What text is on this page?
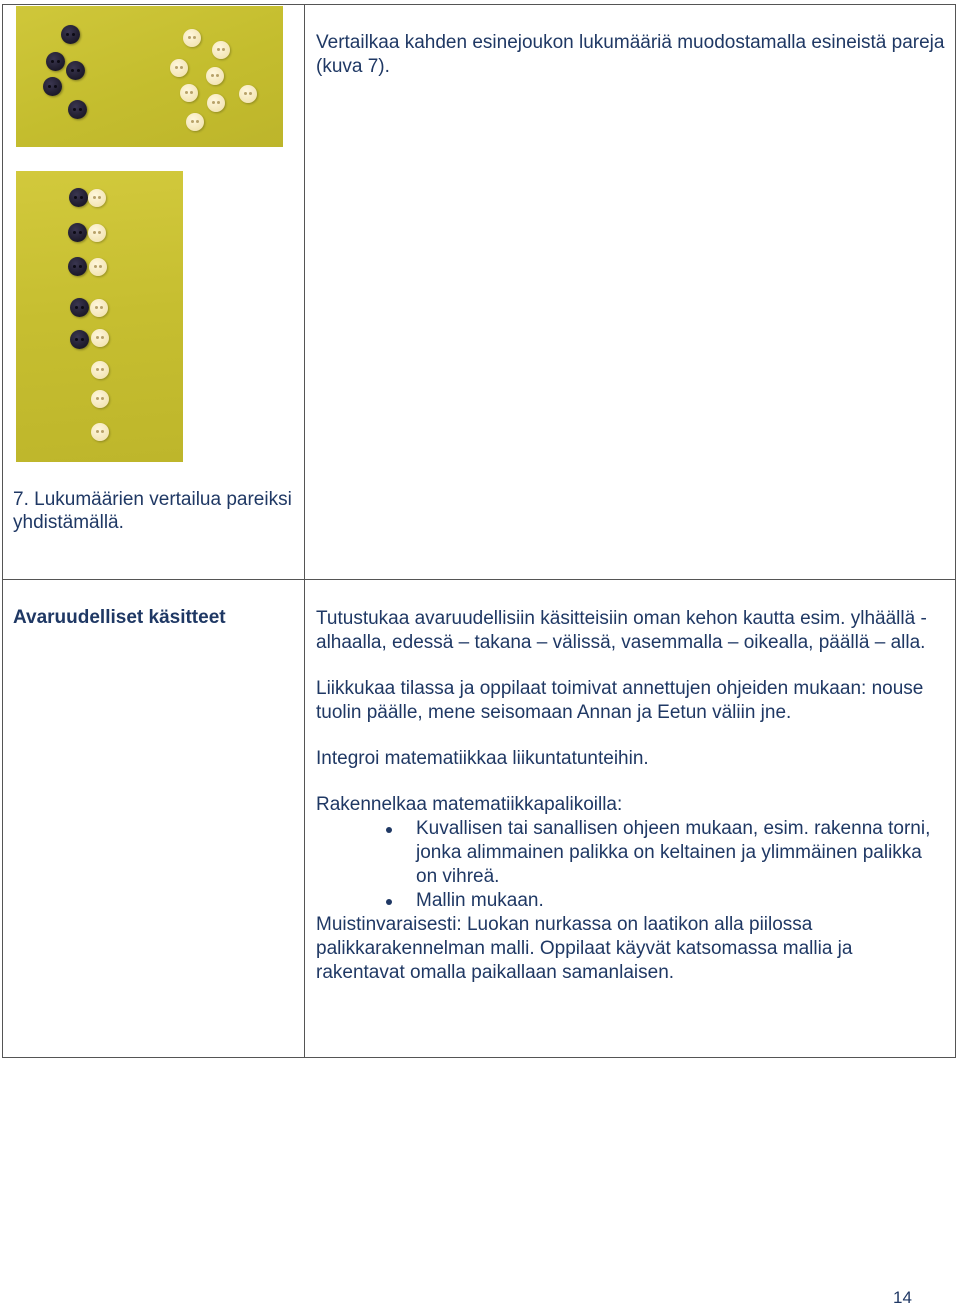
7. Lukumäärien vertailua pareiksi yhdistämällä.

Vertailkaa kahden esinejoukon lukumääriä muodostamalla esineistä pareja (kuva 7).

Avaruudelliset käsitteet	Tutustukaa avaruudellisiin käsitteisiin oman kehon kautta esim. ylhäällä - alhaalla, edessä – takana – välissä, vasemmalla – oikealla, päällä – alla.

Liikkukaa tilassa ja oppilaat toimivat annettujen ohjeiden mukaan: nouse tuolin päälle, mene seisomaan Annan ja Eetun väliin jne.

Integroi matematiikkaa liikuntatunteihin.

Rakennelkaa matematiikkapalikoilla:

Kuvallisen tai sanallisen ohjeen mukaan, esim. rakenna torni, jonka alimmainen palikka on keltainen ja ylimmäinen palikka on vihreä.
Mallin mukaan.

Muistinvaraisesti: Luokan nurkassa on laatikon alla piilossa palikkarakennelman malli. Oppilaat käyvät katsomassa mallia ja rakentavat omalla paikallaan samanlaisen.

14
